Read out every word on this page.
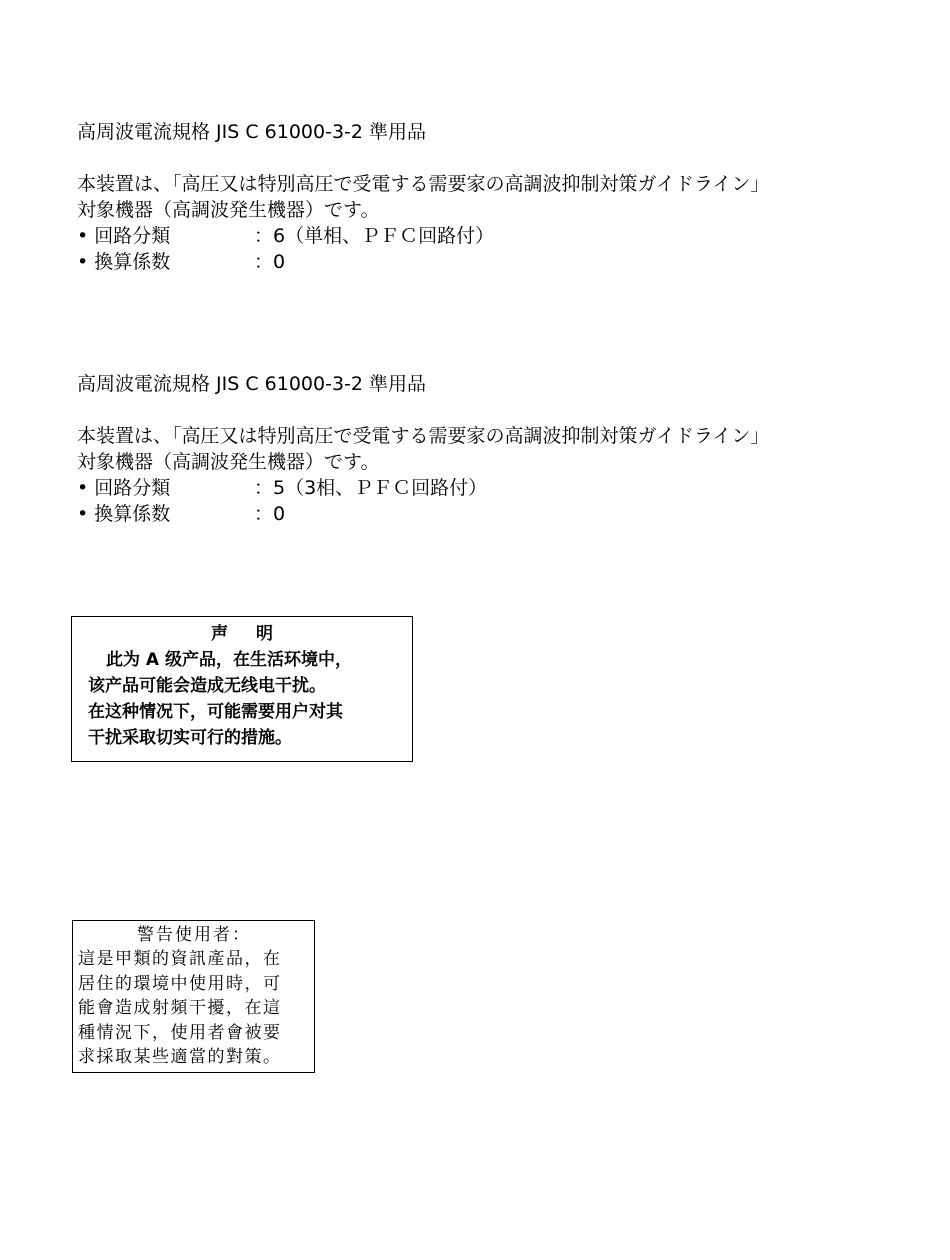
高周波電流規格 JIS C 61000-3-2 準用品
本装置は、「高圧又は特別高圧で受電する需要家の高調波抑制対策ガイドライン」
対象機器（高調波発生機器）です。
• 回路分類	：6（単相、ＰＦＣ回路付）
• 換算係数	：0
高周波電流規格 JIS C 61000-3-2 準用品
本装置は、「高圧又は特別高圧で受電する需要家の高調波抑制対策ガイドライン」
対象機器（高調波発生機器）です。
• 回路分類	：5（3相、ＰＦＣ回路付）
• 換算係数	：0
声明
此为 A 级产品，在生活环境中，
该产品可能会造成无线电干扰。
在这种情况下，可能需要用户对其
干扰采取切实可行的措施。
警告使用者：
這是甲類的資訊產品，在
居住的環境中使用時，可
能會造成射頻干擾，在這
種情況下，使用者會被要
求採取某些適當的對策。
